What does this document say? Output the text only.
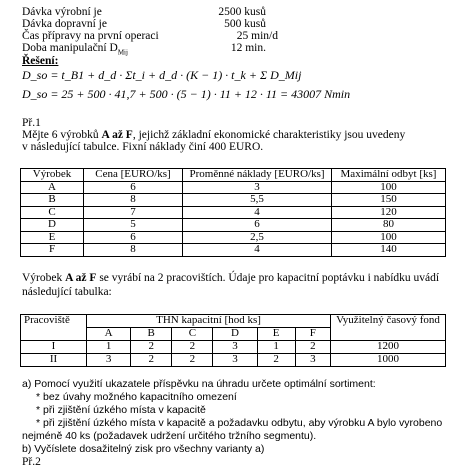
Dávka výrobní je	2500 kusů
Dávka dopravní je	500 kusů
Čas přípravy na první operaci	25 min/d
Doba manipulační $D_{Mij}$	12 min.
Řešení:
D_so = t_B1 + d_d · Σt_i + d_d · (K − 1) · t_k + Σ D_Mij
D_so = 25 + 500 · 41,7 + 500 · (5 − 1) · 11 + 12 · 11 = 43007 Nmin
Př.1
Mějte 6 výrobků A až F, jejichž základní ekonomické charakteristiky jsou uvedeny
v následující tabulce. Fixní náklady činí 400 EURO.
Výrobek	Cena [EURO/ks]	Proměnné náklady [EURO/ks]	Maximální odbyt [ks]
A	6	3	100
B	8	5,5	150
C	7	4	120
D	5	6	80
E	6	2,5	100
F	8	4	140
Výrobek A až F se vyrábí na 2 pracovištích. Údaje pro kapacitní poptávku i nabídku uvádí
následující tabulka:
Pracoviště	THN kapacitní [hod ks]						Využitelný časový fond
	A	B	C	D	E	F	
I	1	2	2	3	1	2	1200
II	3	2	2	3	2	3	1000
a) Pomocí využití ukazatele příspěvku na úhradu určete optimální sortiment:
* bez úvahy možného kapacitního omezení
* při zjištění úzkého místa v kapacitě
* při zjištění úzkého místa v kapacitě a požadavku odbytu, aby výrobku A bylo vyrobeno
nejméně 40 ks (požadavek udržení určitého tržního segmentu).
b) Vyčíslete dosažitelný zisk pro všechny varianty a)
Př.2
